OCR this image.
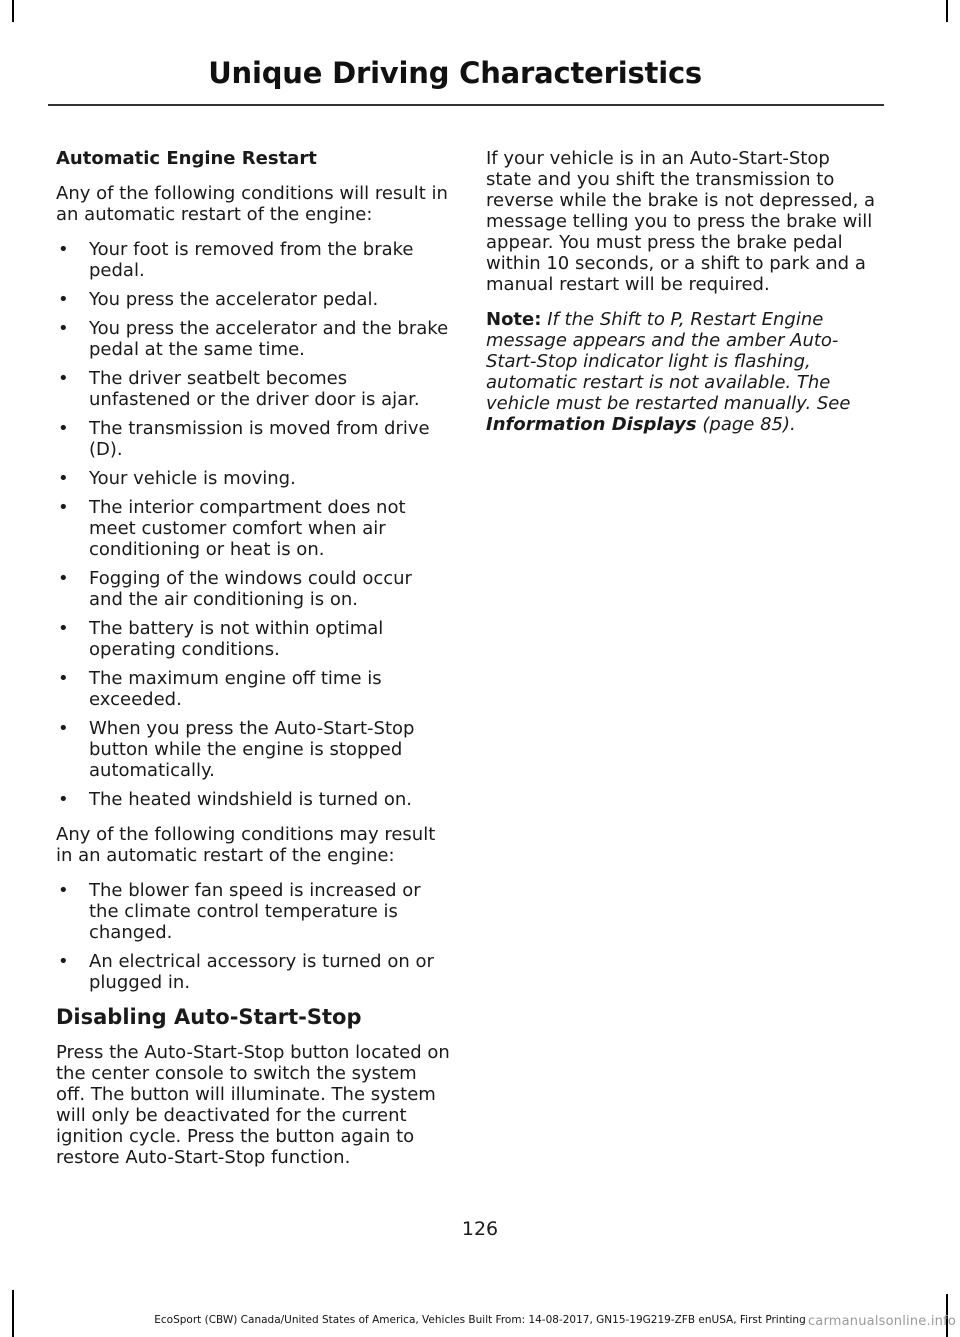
Unique Driving Characteristics
Automatic Engine Restart

Any of the following conditions will result in an automatic restart of the engine:

• Your foot is removed from the brake pedal.
• You press the accelerator pedal.
• You press the accelerator and the brake pedal at the same time.
• The driver seatbelt becomes unfastened or the driver door is ajar.
• The transmission is moved from drive (D).
• Your vehicle is moving.
• The interior compartment does not meet customer comfort when air conditioning or heat is on.
• Fogging of the windows could occur and the air conditioning is on.
• The battery is not within optimal operating conditions.
• The maximum engine off time is exceeded.
• When you press the Auto-Start-Stop button while the engine is stopped automatically.
• The heated windshield is turned on.

Any of the following conditions may result in an automatic restart of the engine:

• The blower fan speed is increased or the climate control temperature is changed.
• An electrical accessory is turned on or plugged in.
Disabling Auto-Start-Stop

Press the Auto-Start-Stop button located on the center console to switch the system off. The button will illuminate. The system will only be deactivated for the current ignition cycle. Press the button again to restore Auto-Start-Stop function.

If your vehicle is in an Auto-Start-Stop state and you shift the transmission to reverse while the brake is not depressed, a message telling you to press the brake will appear. You must press the brake pedal within 10 seconds, or a shift to park and a manual restart will be required.

Note: If the Shift to P, Restart Engine message appears and the amber Auto-Start-Stop indicator light is flashing, automatic restart is not available. The vehicle must be restarted manually. See Information Displays (page 85).

126
EcoSport (CBW) Canada/United States of America, Vehicles Built From: 14-08-2017, GN15-19G219-ZFB enUSA, First Printing carmanualsonline.info
